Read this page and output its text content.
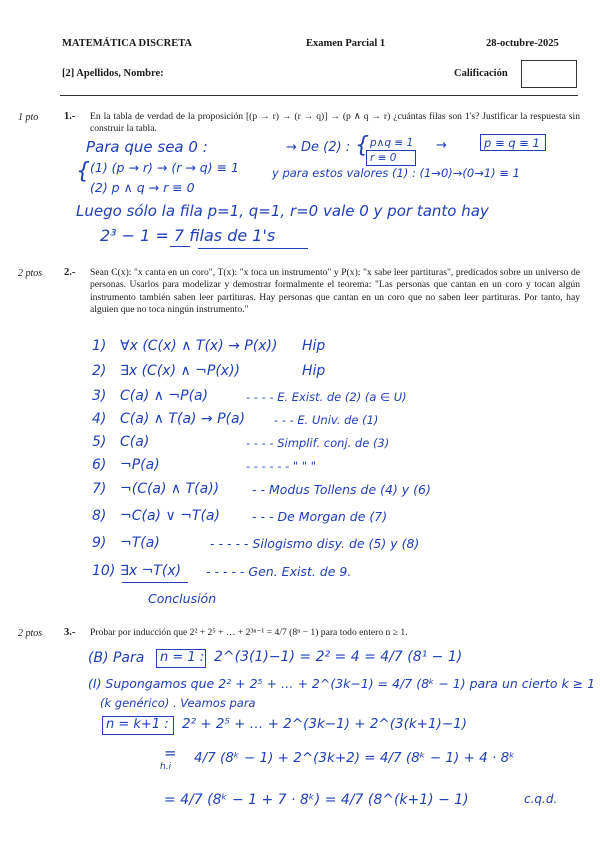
MATEMÁTICA DISCRETA	Examen Parcial 1	28-octubre-2025
[2] Apellidos, Nombre:	Calificación
1 pto 1.- En la tabla de verdad de la proposición [(p → r) → (r → q)] → (p ∧ q → r) ¿cuántas filas son 1's? Justificar la respuesta sin construir la tabla.
Para que sea 0 :
{ (1) (p → r) → (r → q) ≡ 1
(2) p ∧ q → r ≡ 0
→ De (2) : { p∧q ≡ 1
r ≡ 0
→	p ≡ q ≡ 1
y para estos valores (1) : (1→0)→(0→1) ≡ 1
Luego sólo la fila p=1, q=1, r=0 vale 0 y por tanto hay
2³ − 1 = 7 filas de 1's
2 ptos 2.- Sean C(x): "x canta en un coro", T(x): "x toca un instrumento" y P(x): "x sabe leer partituras", predicados sobre un universo de personas. Usarlos para modelizar y demostrar formalmente el teorema: "Las personas que cantan en un coro y tocan algún instrumento también saben leer partituras. Hay personas que cantan en un coro que no saben leer partituras. Por tanto, hay alguien que no toca ningún instrumento."
1) ∀x (C(x) ∧ T(x) → P(x)) Hip
2) ∃x (C(x) ∧ ¬P(x))	Hip
3) C(a) ∧ ¬P(a)	- - - - E. Exist. de (2) (a ∈ U)
4) C(a) ∧ T(a) → P(a)	- - - E. Univ. de (1)
5) C(a)	- - - - Simplif. conj. de (3)
6) ¬P(a)	- - - - - - " " "
7) ¬(C(a) ∧ T(a))	- - Modus Tollens de (4) y (6)
8) ¬C(a) ∨ ¬T(a)	- - - De Morgan de (7)
9) ¬T(a)	- - - - - Silogismo disy. de (5) y (8)
10) ∃x ¬T(x) - - - - - Gen. Exist. de 9.
Conclusión
2 ptos 3.- Probar por inducción que 2² + 2⁵ + … + 2³ⁿ⁻¹ = 4/7 (8ⁿ − 1) para todo entero n ≥ 1.
(B) Para n = 1 : 2^(3(1)−1) = 2² = 4 = 4/7 (8¹ − 1)
(I) Supongamos que 2² + 2⁵ + … + 2^(3k−1) = 4/7 (8ᵏ − 1) para un cierto k ≥ 1
(k genérico) . Veamos para
n = k+1 : 2² + 2⁵ + … + 2^(3k−1) + 2^(3(k+1)−1)
=
h.i
4/7 (8ᵏ − 1) + 2^(3k+2) = 4/7 (8ᵏ − 1) + 4 · 8ᵏ
= 4/7 (8ᵏ − 1 + 7 · 8ᵏ) = 4/7 (8^(k+1) − 1)	c.q.d.
